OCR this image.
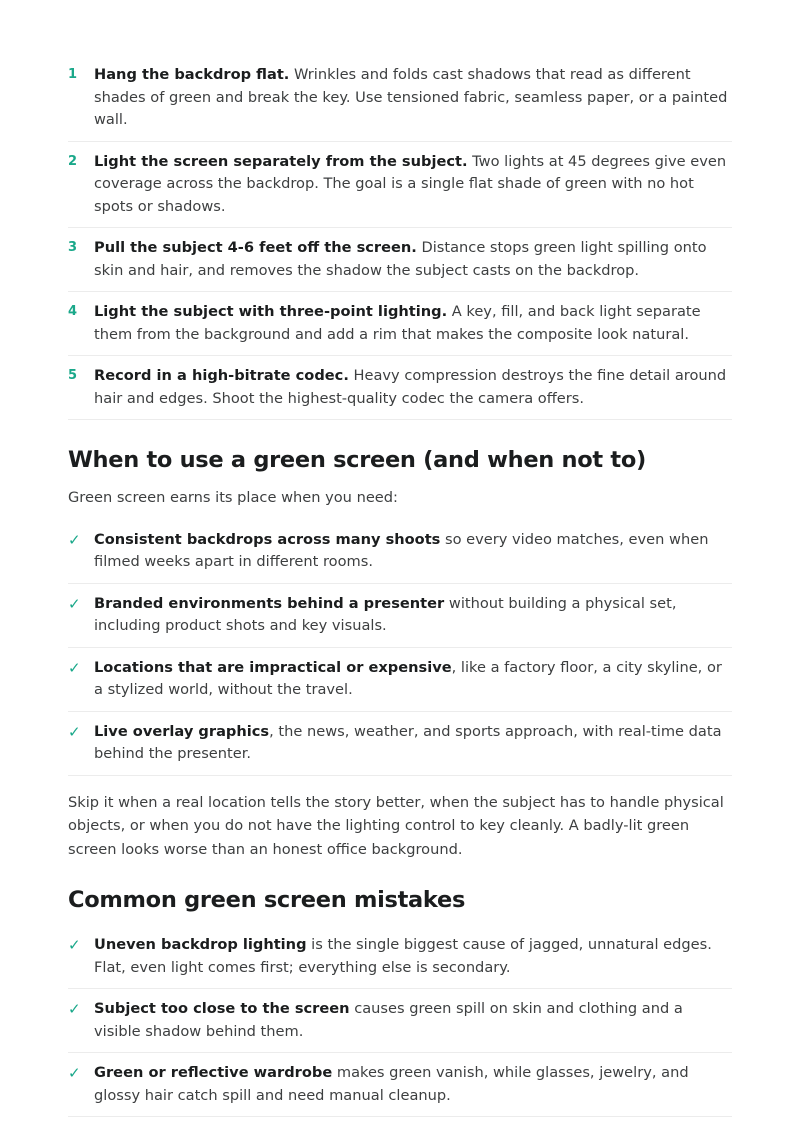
1	Hang the backdrop flat. Wrinkles and folds cast shadows that read as different shades of green and break the key. Use tensioned fabric, seamless paper, or a painted wall.
2	Light the screen separately from the subject. Two lights at 45 degrees give even coverage across the backdrop. The goal is a single flat shade of green with no hot spots or shadows.
3	Pull the subject 4-6 feet off the screen. Distance stops green light spilling onto skin and hair, and removes the shadow the subject casts on the backdrop.
4	Light the subject with three-point lighting. A key, fill, and back light separate them from the background and add a rim that makes the composite look natural.
5	Record in a high-bitrate codec. Heavy compression destroys the fine detail around hair and edges. Shoot the highest-quality codec the camera offers.
When to use a green screen (and when not to)

Green screen earns its place when you need:

✓ Consistent backdrops across many shoots so every video matches, even when filmed weeks apart in different rooms.
✓ Branded environments behind a presenter without building a physical set, including product shots and key visuals.
✓ Locations that are impractical or expensive, like a factory floor, a city skyline, or a stylized world, without the travel.
✓ Live overlay graphics, the news, weather, and sports approach, with real-time data behind the presenter.

Skip it when a real location tells the story better, when the subject has to handle physical objects, or when you do not have the lighting control to key cleanly. A badly-lit green screen looks worse than an honest office background.

Common green screen mistakes
✓ Uneven backdrop lighting is the single biggest cause of jagged, unnatural edges. Flat, even light comes first; everything else is secondary.
✓ Subject too close to the screen causes green spill on skin and clothing and a visible shadow behind them.
✓ Green or reflective wardrobe makes green vanish, while glasses, jewelry, and glossy hair catch spill and need manual cleanup.
